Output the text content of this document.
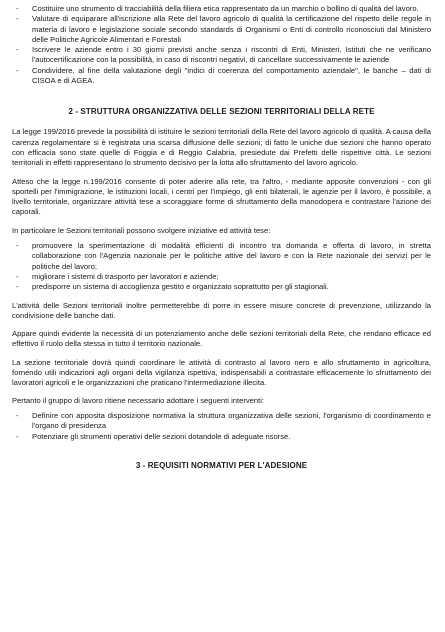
- Costituire uno strumento di tracciabilità della filiera etica rappresentato da un marchio o bollino di qualità del lavoro.
- Valutare di equiparare all'iscrizione alla Rete del lavoro agricolo di qualità la certificazione del rispetto delle regole in materia di lavoro e legislazione sociale secondo standards di Organismi o Enti di controllo riconosciuti dal Ministero delle Politiche Agricole Alimentari e Forestali
- Iscrivere le aziende entro i 30 giorni previsti anche senza i riscontri di Enti, Ministeri, Istituti che ne verificano l'autocertificazione con la possibilità, in caso di riscontri negativi, di cancellare successivamente le aziende
- Condividere, al fine della valutazione degli "indici di coerenza del comportamento aziendale", le banche – dati di CISOA e di AGEA.
2 - STRUTTURA ORGANIZZATIVA DELLE SEZIONI TERRITORIALI DELLA RETE

La legge 199/2016 prevede la possibilità di istituire le sezioni territoriali della Rete del lavoro agricolo di qualità. A causa della carenza regolamentare si è registrata una scarsa diffusione delle sezioni; di fatto le uniche due sezioni che hanno operato con efficacia sono state quelle di Foggia e di Reggio Calabria, presiedute dai Prefetti delle rispettive città. Le sezioni territoriali in effetti rappresentano lo strumento decisivo per la lotta allo sfruttamento del lavoro agricolo.

Atteso che la legge n.199/2016 consente di poter aderire alla rete, tra l'altro, - mediante apposite convenzioni - con gli sportelli per l'immigrazione, le istituzioni locali, i centri per l'impiego, gli enti bilaterali, le agenzie per il lavoro, è possibile, a livello territoriale, organizzare attività tese a scoraggiare forme di sfruttamento della manodopera e contrastare l'azione dei caporali.

In particolare le Sezioni territoriali possono svolgere iniziative ed attività tese:

- promuovere la sperimentazione di modalità efficienti di incontro tra domanda e offerta di lavoro, in stretta collaborazione con l'Agenzia nazionale per le politiche attive del lavoro e con la Rete nazionale dei servizi per le politiche del lavoro;
- migliorare i sistemi di trasporto per lavoratori e aziende;
- predisporre un sistema di accoglienza gestito e organizzato soprattutto per gli stagionali.

L'attività delle Sezioni territoriali inoltre permetterebbe di porre in essere misure concrete di prevenzione, utilizzando la condivisione delle banche dati.

Appare quindi evidente la necessità di un potenziamento anche delle sezioni territoriali della Rete, che rendano efficace ed effettivo il ruolo della stessa in tutto il territorio nazionale.

La sezione territoriale dovrà quindi coordinare le attività di contrasto al lavoro nero e allo sfruttamento in agricoltura, fornendo utili indicazioni agli organi della vigilanza ispettiva, indispensabili a contrastare efficacemente lo sfruttamento dei lavoratori agricoli e le organizzazioni che praticano l'intermediazione illecita.

Pertanto il gruppo di lavoro ritiene necessario adottare i seguenti interventi:

- Definire con apposita disposizione normativa la struttura organizzativa delle sezioni, l'organismo di coordinamento e l'organo di presidenza
- Potenziare gli strumenti operativi delle sezioni dotandole di adeguate risorse.
3 - REQUISITI NORMATIVI PER L'ADESIONE
